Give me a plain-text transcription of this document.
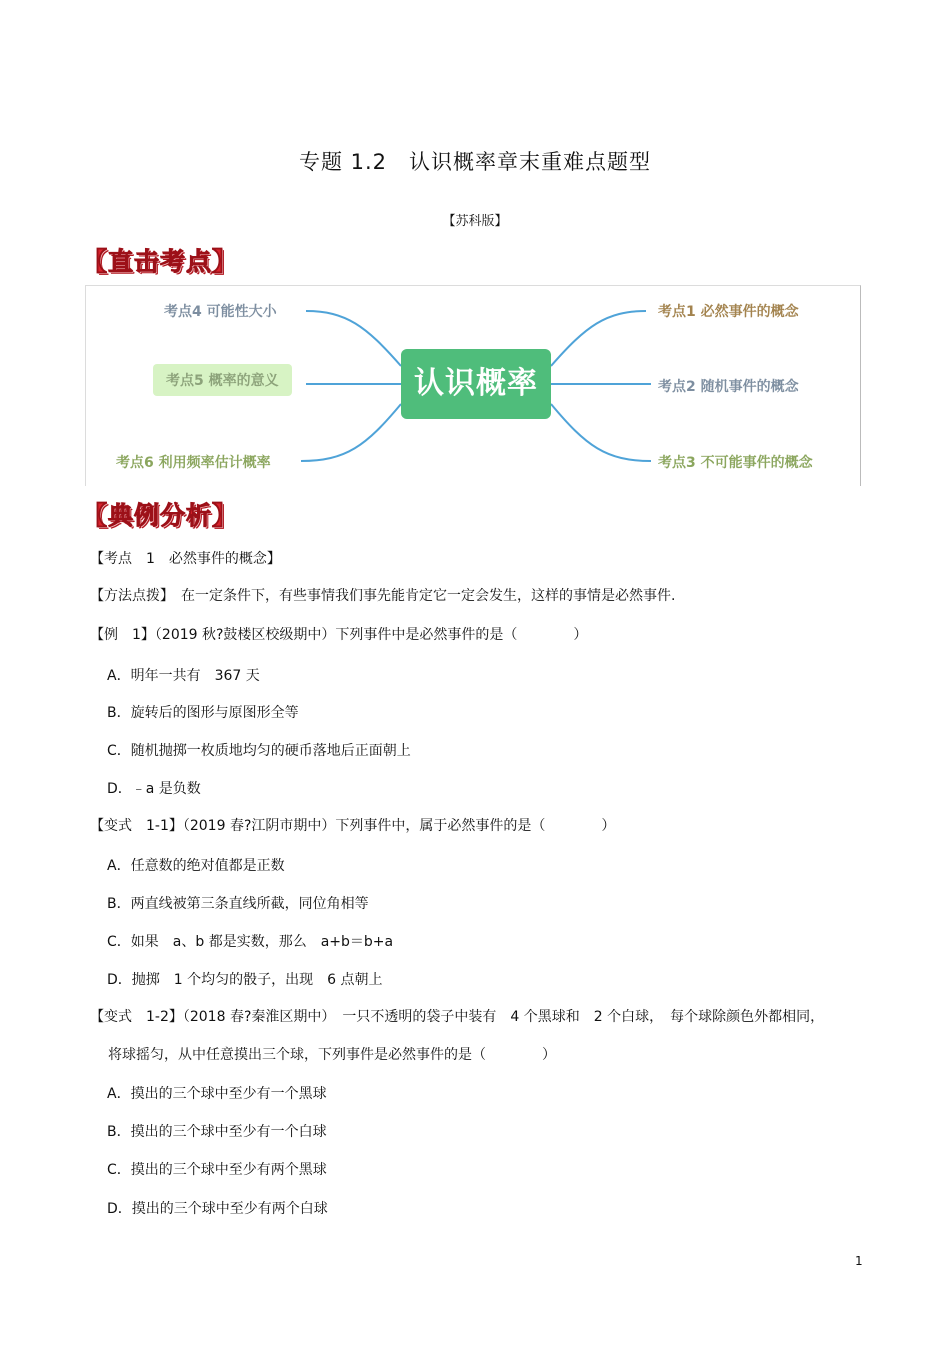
专题 1.2　认识概率章末重难点题型
【苏科版】
【直击考点】
认识概率
考点4 可能性大小
考点5 概率的意义
考点6 利用频率估计概率
考点1 必然事件的概念
考点2 随机事件的概念
考点3 不可能事件的概念
【典例分析】
【考点　1　必然事件的概念】
【方法点拨】　在一定条件下，有些事情我们事先能肯定它一定会发生，这样的事情是必然事件.
【例　1】（2019 秋?鼓楼区校级期中）下列事件中是必然事件的是（　　　　）
A．明年一共有　367 天
B．旋转后的图形与原图形全等
C．随机抛掷一枚质地均匀的硬币落地后正面朝上
D．﹣a 是负数
【变式　1-1】（2019 春?江阴市期中）下列事件中，属于必然事件的是（　　　　）
A．任意数的绝对值都是正数
B．两直线被第三条直线所截，同位角相等
C．如果　a、b 都是实数，那么　a+b＝b+a
D．抛掷　1 个均匀的骰子，出现　6 点朝上
【变式　1-2】（2018 春?秦淮区期中）　一只不透明的袋子中装有　4 个黑球和　2 个白球，　每个球除颜色外都相同，
将球摇匀，从中任意摸出三个球，下列事件是必然事件的是（　　　　）
A．摸出的三个球中至少有一个黑球
B．摸出的三个球中至少有一个白球
C．摸出的三个球中至少有两个黑球
D．摸出的三个球中至少有两个白球
1
